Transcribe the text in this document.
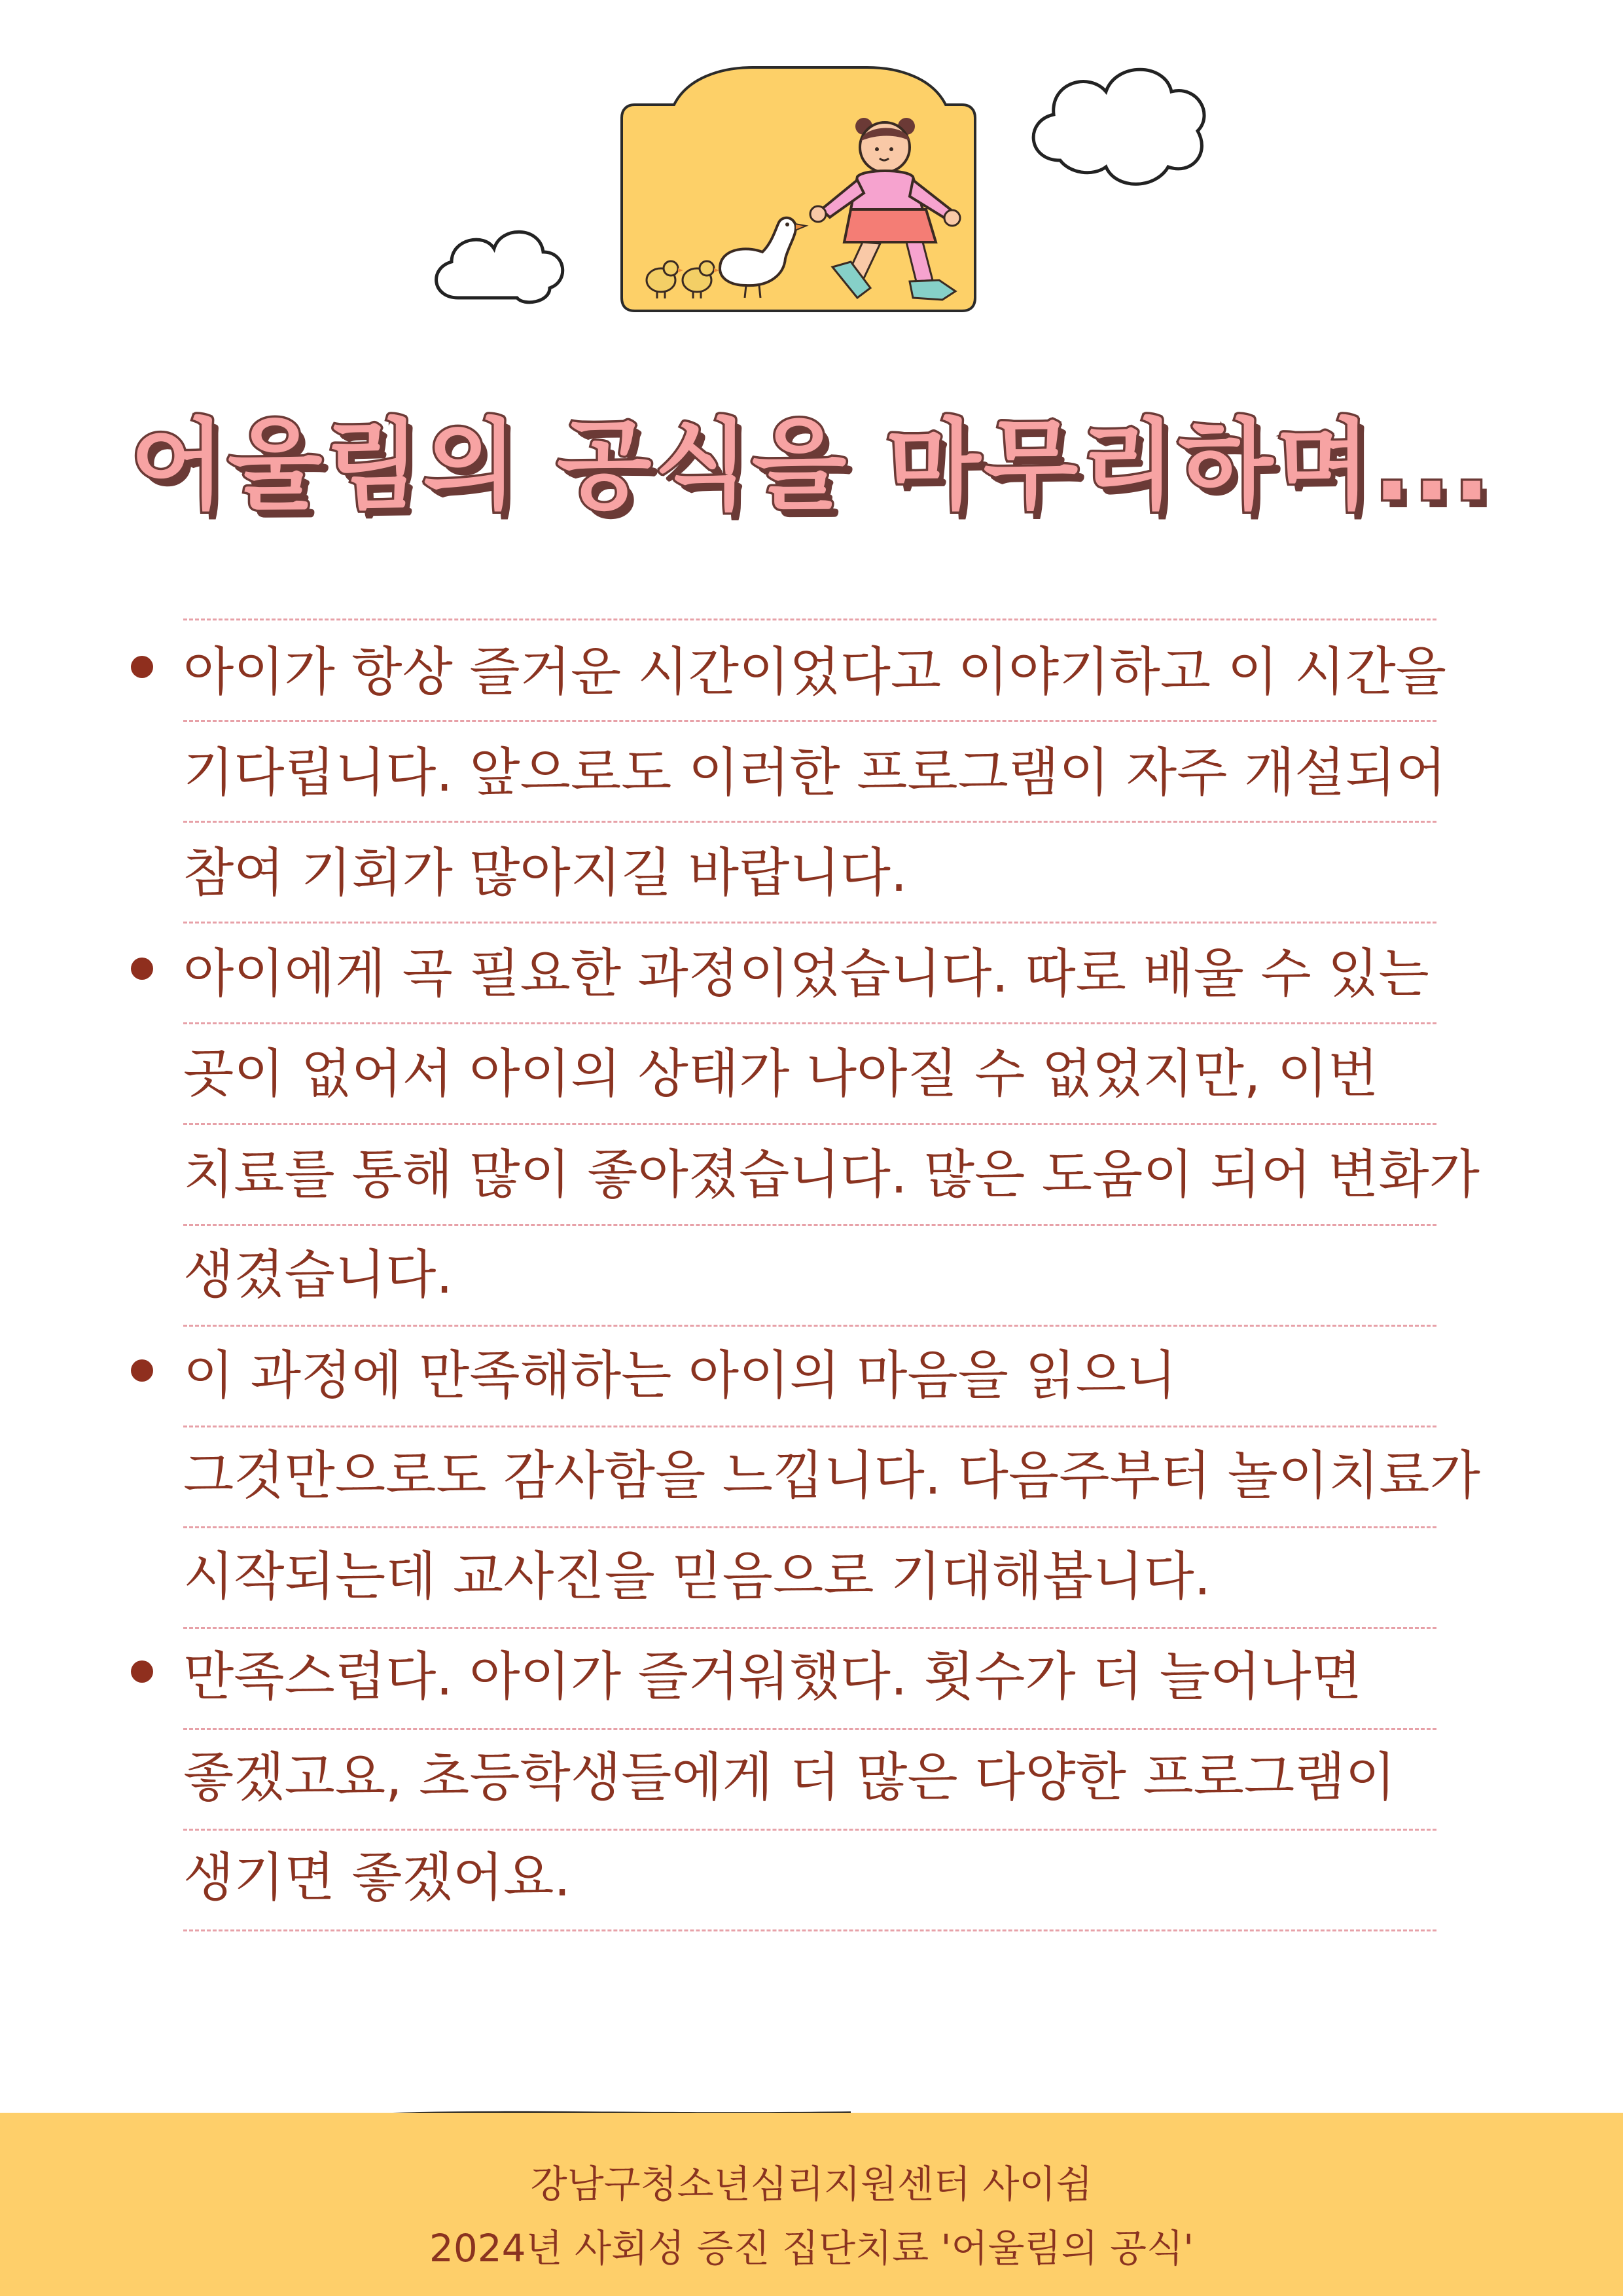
어울림의 공식을 마무리하며...
아이가 항상 즐거운 시간이었다고 이야기하고 이 시간을 기다립니다. 앞으로도 이러한 프로그램이 자주 개설되어 참여 기회가 많아지길 바랍니다.
아이에게 곡 필요한 과정이었습니다. 따로 배울 수 있는 곳이 없어서 아이의 상태가 나아질 수 없었지만, 이번 치료를 통해 많이 좋아졌습니다. 많은 도움이 되어 변화가 생겼습니다.
이 과정에 만족해하는 아이의 마음을 읽으니 그것만으로도 감사함을 느낍니다. 다음주부터 놀이치료가 시작되는데 교사진을 믿음으로 기대해봅니다.
만족스럽다. 아이가 즐거워했다. 횟수가 더 늘어나면 좋겠고요, 초등학생들에게 더 많은 다양한 프로그램이 생기면 좋겠어요.
강남구청소년심리지원센터 사이쉼
2024년 사회성 증진 집단치료 '어울림의 공식'
